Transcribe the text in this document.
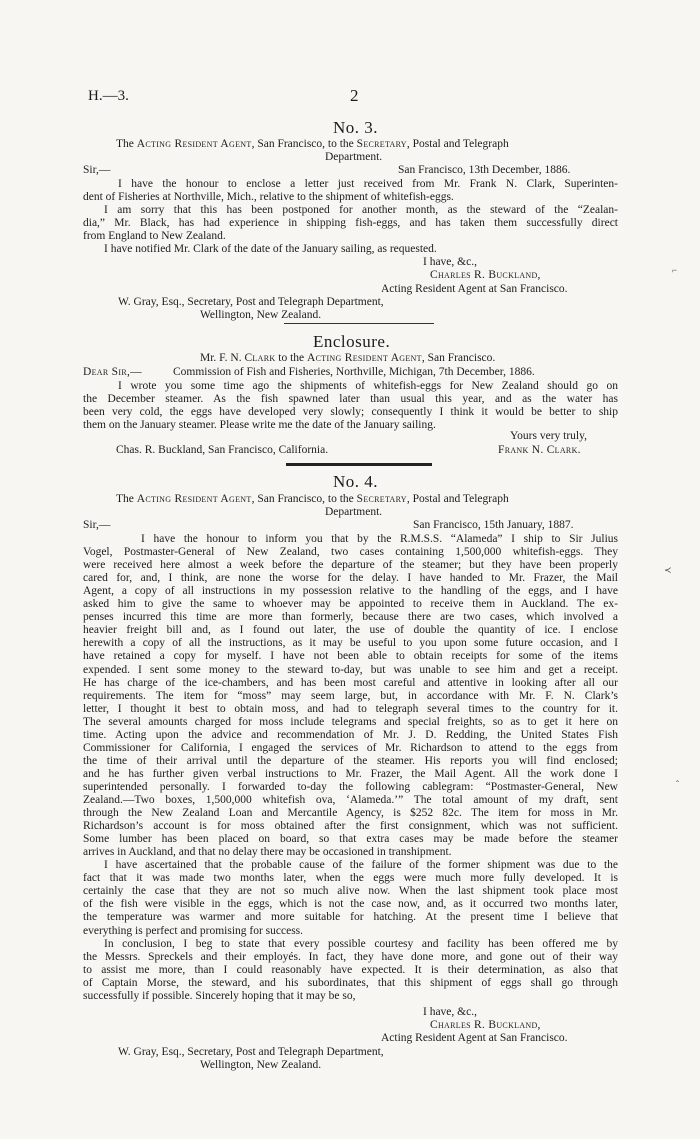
H.—3.	2
No. 3.
The Acting Resident Agent, San Francisco, to the Secretary, Postal and Telegraph
Department.
Sir,—	San Francisco, 13th December, 1886.
I have the honour to enclose a letter just received from Mr. Frank N. Clark, Superinten-
dent of Fisheries at Northville, Mich., relative to the shipment of whitefish-eggs.
I am sorry that this has been postponed for another month, as the steward of the “Zealan-
dia,” Mr. Black, has had experience in shipping fish-eggs, and has taken them successfully direct
from England to New Zealand.
I have notified Mr. Clark of the date of the January sailing, as requested.
I have, &c.,
Charles R. Buckland,
Acting Resident Agent at San Francisco.
W. Gray, Esq., Secretary, Post and Telegraph Department,
Wellington, New Zealand.
Enclosure.
Mr. F. N. Clark to the Acting Resident Agent, San Francisco.
Dear Sir,—	Commission of Fish and Fisheries, Northville, Michigan, 7th December, 1886.
I wrote you some time ago the shipments of whitefish-eggs for New Zealand should go on
the December steamer. As the fish spawned later than usual this year, and as the water has
been very cold, the eggs have developed very slowly; consequently I think it would be better to ship
them on the January steamer. Please write me the date of the January sailing.
Yours very truly,
Chas. R. Buckland, San Francisco, California.	Frank N. Clark.
No. 4.
The Acting Resident Agent, San Francisco, to the Secretary, Postal and Telegraph
Department.
Sir,—	San Francisco, 15th January, 1887.
I have the honour to inform you that by the R.M.S.S. “Alameda” I ship to Sir Julius
Vogel, Postmaster-General of New Zealand, two cases containing 1,500,000 whitefish-eggs. They
were received here almost a week before the departure of the steamer; but they have been properly
cared for, and, I think, are none the worse for the delay. I have handed to Mr. Frazer, the Mail
Agent, a copy of all instructions in my possession relative to the handling of the eggs, and I have
asked him to give the same to whoever may be appointed to receive them in Auckland. The ex-
penses incurred this time are more than formerly, because there are two cases, which involved a
heavier freight bill and, as I found out later, the use of double the quantity of ice. I enclose
herewith a copy of all the instructions, as it may be useful to you upon some future occasion, and I
have retained a copy for myself. I have not been able to obtain receipts for some of the items
expended. I sent some money to the steward to-day, but was unable to see him and get a receipt.
He has charge of the ice-chambers, and has been most careful and attentive in looking after all our
requirements. The item for “moss” may seem large, but, in accordance with Mr. F. N. Clark’s
letter, I thought it best to obtain moss, and had to telegraph several times to the country for it.
The several amounts charged for moss include telegrams and special freights, so as to get it here on
time. Acting upon the advice and recommendation of Mr. J. D. Redding, the United States Fish
Commissioner for California, I engaged the services of Mr. Richardson to attend to the eggs from
the time of their arrival until the departure of the steamer. His reports you will find enclosed;
and he has further given verbal instructions to Mr. Frazer, the Mail Agent. All the work done I
superintended personally. I forwarded to-day the following cablegram: “Postmaster-General, New
Zealand.—Two boxes, 1,500,000 whitefish ova, ‘Alameda.’” The total amount of my draft, sent
through the New Zealand Loan and Mercantile Agency, is $252 82c. The item for moss in Mr.
Richardson’s account is for moss obtained after the first consignment, which was not sufficient.
Some lumber has been placed on board, so that extra cases may be made before the steamer
arrives in Auckland, and that no delay there may be occasioned in transhipment.
I have ascertained that the probable cause of the failure of the former shipment was due to the
fact that it was made two months later, when the eggs were much more fully developed. It is
certainly the case that they are not so much alive now. When the last shipment took place most
of the fish were visible in the eggs, which is not the case now, and, as it occurred two months later,
the temperature was warmer and more suitable for hatching. At the present time I believe that
everything is perfect and promising for success.
In conclusion, I beg to state that every possible courtesy and facility has been offered me by
the Messrs. Spreckels and their employés. In fact, they have done more, and gone out of their way
to assist me more, than I could reasonably have expected. It is their determination, as also that
of Captain Morse, the steward, and his subordinates, that this shipment of eggs shall go through
successfully if possible. Sincerely hoping that it may be so,
I have, &c.,
Charles R. Buckland,
Acting Resident Agent at San Francisco.
W. Gray, Esq., Secretary, Post and Telegraph Department,
Wellington, New Zealand.
⌐
≺
‸
